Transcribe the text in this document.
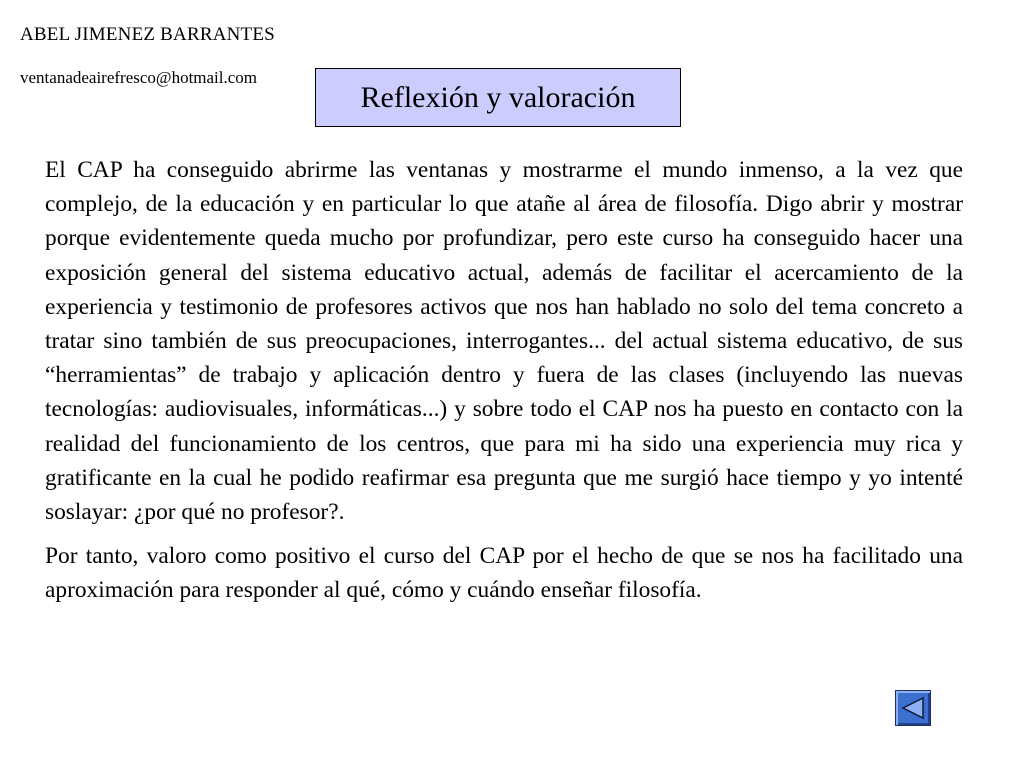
ABEL JIMENEZ BARRANTES
ventanadeairefresco@hotmail.com
Reflexión y valoración

El CAP ha conseguido abrirme las ventanas y mostrarme el mundo inmenso, a la vez que complejo, de la educación y en particular lo que atañe al área de filosofía. Digo abrir y mostrar porque evidentemente queda mucho por profundizar, pero este curso ha conseguido hacer una exposición general del sistema educativo actual, además de facilitar el acercamiento de la experiencia y testimonio de profesores activos que nos han hablado no solo del tema concreto a tratar sino también de sus preocupaciones, interrogantes... del actual sistema educativo, de sus “herramientas” de trabajo y aplicación dentro y fuera de las clases (incluyendo las nuevas tecnologías: audiovisuales, informáticas...) y sobre todo el CAP nos ha puesto en contacto con la realidad del funcionamiento de los centros, que para mi ha sido una experiencia muy rica y gratificante en la cual he podido reafirmar esa pregunta que me surgió hace tiempo y yo intenté soslayar: ¿por qué no profesor?.

Por tanto, valoro como positivo el curso del CAP por el hecho de que se nos ha facilitado una aproximación para responder al qué, cómo y cuándo enseñar filosofía.
